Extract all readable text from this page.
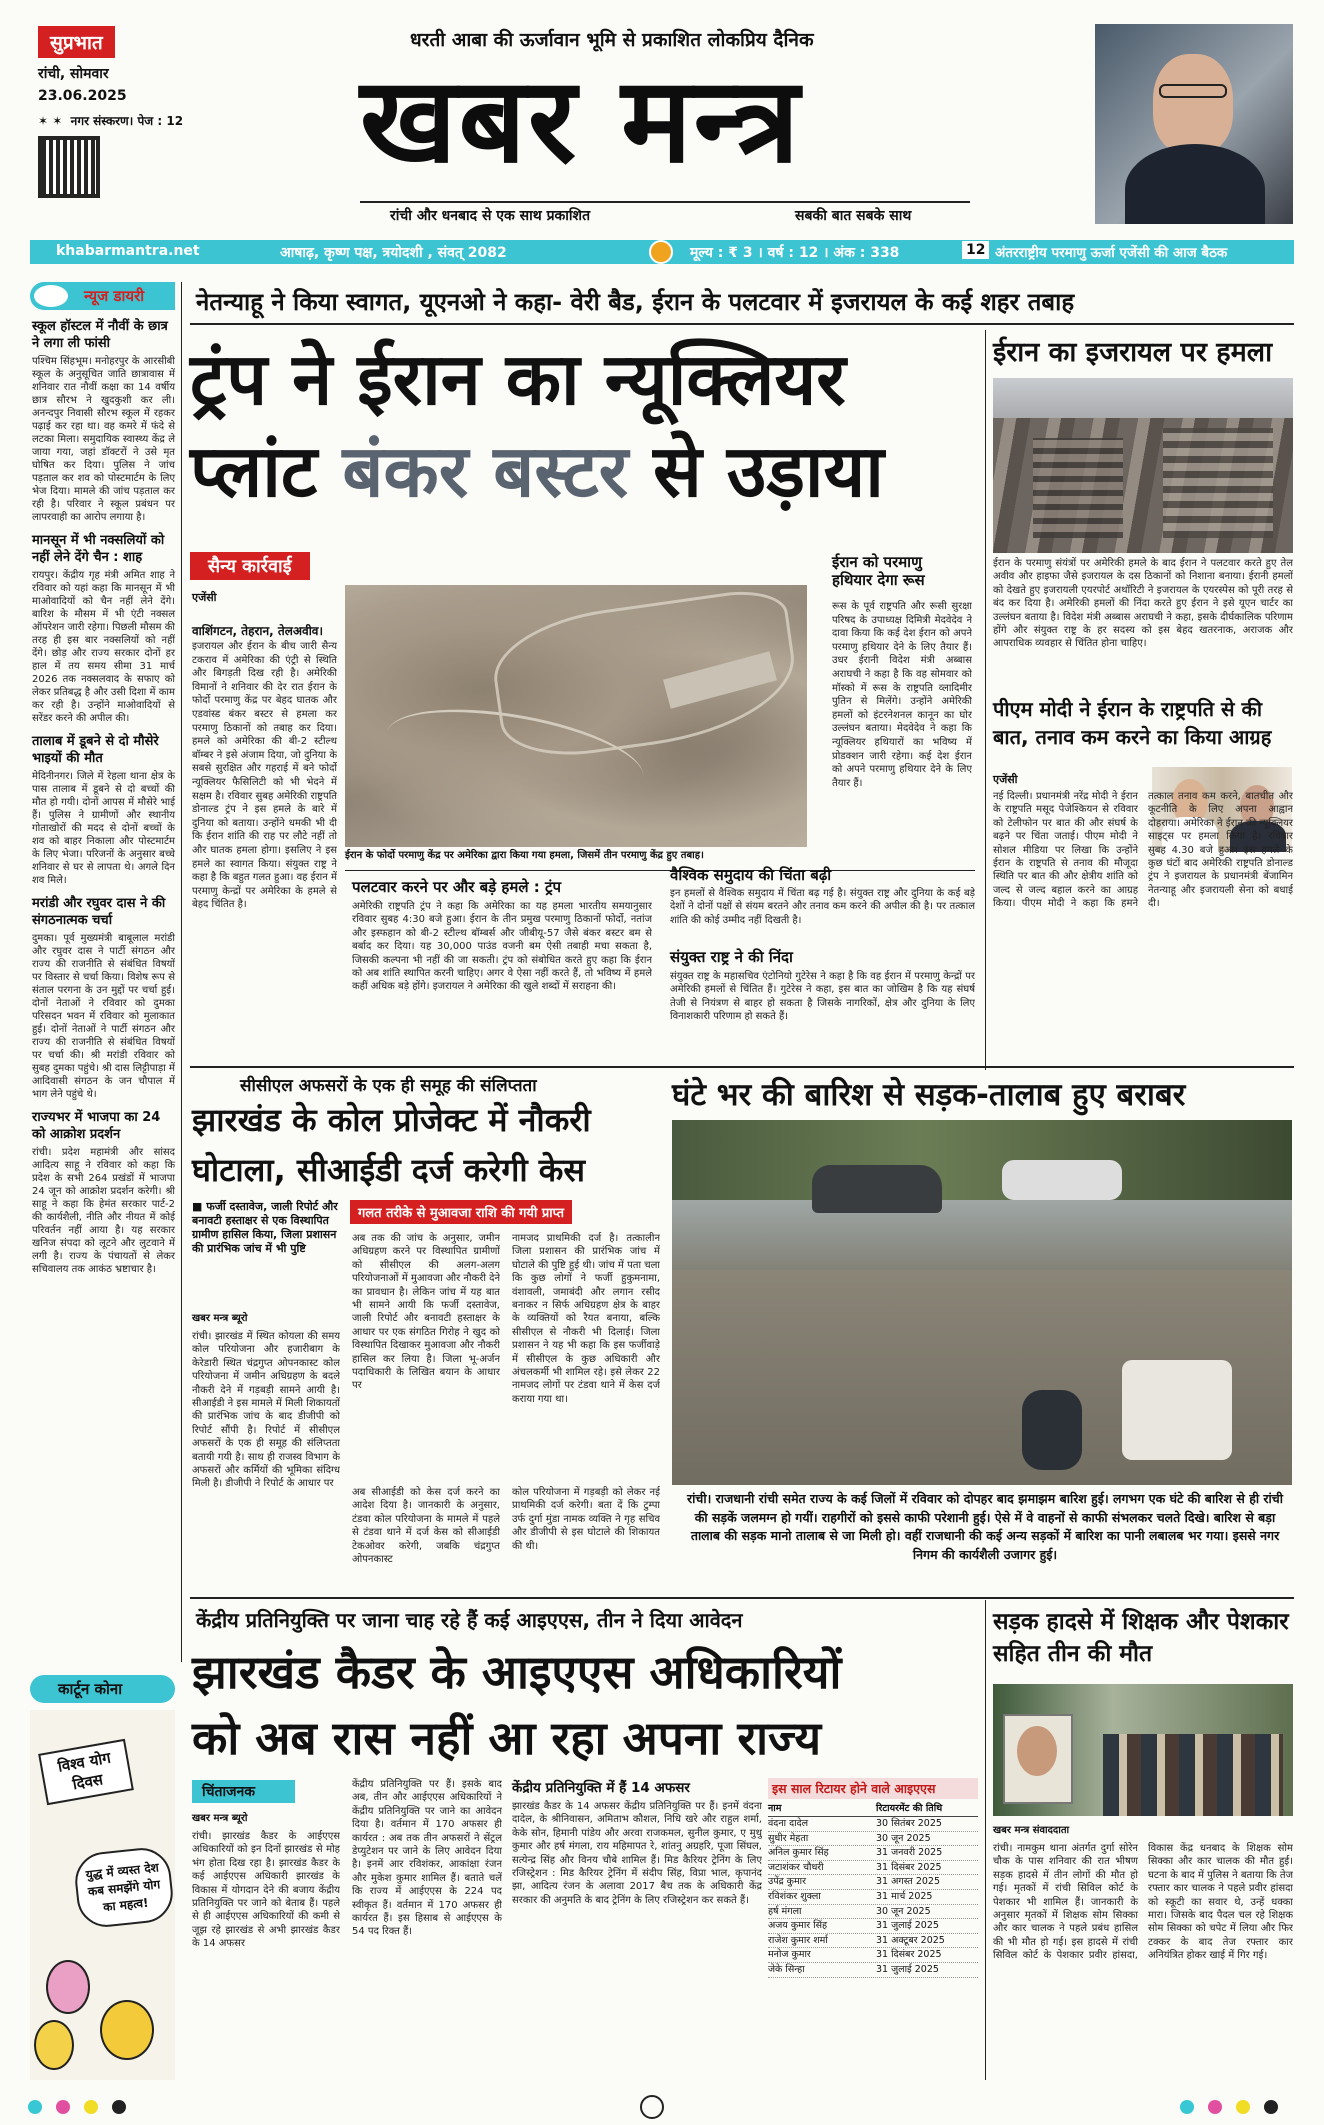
सुप्रभात
रांची, सोमवार
23.06.2025
✶ ✶  नगर संस्करण। पेज : 12
धरती आबा की ऊर्जावान भूमि से प्रकाशित लोकप्रिय दैनिक
खबर मन्त्र
रांची और धनबाद से एक साथ प्रकाशित	सबकी बात सबके साथ
khabarmantra.net	आषाढ़, कृष्ण पक्ष, त्रयोदशी , संवत् 2082	मूल्य : ₹ 3 । वर्ष : 12 । अंक : 338	12 अंतरराष्ट्रीय परमाणु ऊर्जा एजेंसी की आज बैठक
न्यूज डायरी
स्कूल हॉस्टल में नौवीं के छात्र ने लगा ली फांसी
पश्चिम सिंहभूम। मनोहरपुर के आरसीबी स्कूल के अनुसूचित जाति छात्रावास में शनिवार रात नौवीं कक्षा का 14 वर्षीय छात्र सौरभ ने खुदकुशी कर ली। अनन्दपुर निवासी सौरभ स्कूल में रहकर पढ़ाई कर रहा था। वह कमरे में फंदे से लटका मिला। समुदायिक स्वास्थ्य केंद्र ले जाया गया, जहां डॉक्टरों ने उसे मृत घोषित कर दिया। पुलिस ने जांच पड़ताल कर शव को पोस्टमार्टम के लिए भेज दिया। मामले की जांच पड़ताल कर रही है। परिवार ने स्कूल प्रबंधन पर लापरवाही का आरोप लगाया है।
मानसून में भी नक्सलियों को नहीं लेने देंगे चैन : शाह
रायपुर। केंद्रीय गृह मंत्री अमित शाह ने रविवार को यहां कहा कि मानसून में भी माओवादियों को चैन नहीं लेने देंगे। बारिश के मौसम में भी एंटी नक्सल ऑपरेशन जारी रहेगा। पिछली मौसम की तरह ही इस बार नक्सलियों को नहीं देंगे। छोड़ और राज्य सरकार दोनों हर हाल में तय समय सीमा 31 मार्च 2026 तक नक्सलवाद के सफाए को लेकर प्रतिबद्ध है और उसी दिशा में काम कर रही है। उन्होंने माओवादियों से सरेंडर करने की अपील की।
तालाब में डूबने से दो मौसेरे भाइयों की मौत
मेदिनीनगर। जिले में रेहला थाना क्षेत्र के पास तालाब में डूबने से दो बच्चों की मौत हो गयी। दोनों आपस में मौसेरे भाई हैं। पुलिस ने ग्रामीणों और स्थानीय गोताखोरों की मदद से दोनों बच्चों के शव को बाहर निकाला और पोस्टमार्टम के लिए भेजा। परिजनों के अनुसार बच्चे शनिवार से घर से लापता थे। अगले दिन शव मिले।
मरांडी और रघुवर दास ने की संगठनात्मक चर्चा
दुमका। पूर्व मुख्यमंत्री बाबूलाल मरांडी और रघुवर दास ने पार्टी संगठन और राज्य की राजनीति से संबंधित विषयों पर विस्तार से चर्चा किया। विशेष रूप से संताल परगना के उन मुद्दों पर चर्चा हुई। दोनों नेताओं ने रविवार को दुमका परिसदन भवन में रविवार को मुलाकात हुई। दोनों नेताओं ने पार्टी संगठन और राज्य की राजनीति से संबंधित विषयों पर चर्चा की। श्री मरांडी रविवार को सुबह दुमका पहुंचे। श्री दास लिट्टीपाड़ा में आदिवासी संगठन के जन चौपाल में भाग लेने पहुंचे थे।
राज्यभर में भाजपा का 24 को आक्रोश प्रदर्शन
रांची। प्रदेश महामंत्री और सांसद आदित्य साहू ने रविवार को कहा कि प्रदेश के सभी 264 प्रखंडों में भाजपा 24 जून को आक्रोश प्रदर्शन करेगी। श्री साहू ने कहा कि हेमंत सरकार पार्ट-2 की कार्यशैली, नीति और नीयत में कोई परिवर्तन नहीं आया है। यह सरकार खनिज संपदा को लूटने और लुटवाने में लगी है। राज्य के पंचायतों से लेकर सचिवालय तक आकंठ भ्रष्टाचार है।
कार्टून कोना
विश्व योग दिवस
युद्ध में व्यस्त देश कब समझेंगे योग का महत्व!
नेतन्याहू ने किया स्वागत, यूएनओ ने कहा- वेरी बैड, ईरान के पलटवार में इजरायल के कई शहर तबाह
ट्रंप ने ईरान का न्यूक्लियर
प्लांट बंकर बस्टर से उड़ाया
सैन्य कार्रवाई
एजेंसी
वाशिंगटन, तेहरान, तेलअवीव।
इजरायल और ईरान के बीच जारी सैन्य टकराव में अमेरिका की एंट्री से स्थिति और बिगड़ती दिख रही है। अमेरिकी विमानों ने शनिवार की देर रात ईरान के फोर्दो परमाणु केंद्र पर बेहद घातक और एडवांस्ड बंकर बस्टर से हमला कर परमाणु ठिकानों को तबाह कर दिया। हमले को अमेरिका की बी-2 स्टील्थ बॉम्बर ने इसे अंजाम दिया, जो दुनिया के सबसे सुरक्षित और गहराई में बने फोर्दो न्यूक्लियर फैसिलिटी को भी भेदने में सक्षम है। रविवार सुबह अमेरिकी राष्ट्रपति डोनाल्ड ट्रंप ने इस हमले के बारे में दुनिया को बताया। उन्होंने धमकी भी दी कि ईरान शांति की राह पर लौटे नहीं तो और घातक हमला होगा। इसलिए ने इस हमले का स्वागत किया। संयुक्त राष्ट्र ने कहा है कि बहुत गलत हुआ। वह ईरान में परमाणु केन्द्रों पर अमेरिका के हमले से बेहद चिंतित है।
ईरान के फोर्दो परमाणु केंद्र पर अमेरिका द्वारा किया गया हमला, जिसमें तीन परमाणु केंद्र हुए तबाह।
ईरान को परमाणु हथियार देगा रूस
रूस के पूर्व राष्ट्रपति और रूसी सुरक्षा परिषद के उपाध्यक्ष दिमित्री मेदवेदेव ने दावा किया कि कई देश ईरान को अपने परमाणु हथियार देने के लिए तैयार हैं। उधर ईरानी विदेश मंत्री अब्बास अराघची ने कहा है कि वह सोमवार को मॉस्को में रूस के राष्ट्रपति व्लादिमीर पुतिन से मिलेंगे। उन्होंने अमेरिकी हमलों को इंटरनेशनल कानून का घोर उल्लंघन बताया। मेदवेदेव ने कहा कि न्यूक्लियर हथियारों का भविष्य में प्रोडक्शन जारी रहेगा। कई देश ईरान को अपने परमाणु हथियार देने के लिए तैयार हैं।
पलटवार करने पर और बड़े हमले : ट्रंप
अमेरिकी राष्ट्रपति ट्रंप ने कहा कि अमेरिका का यह हमला भारतीय समयानुसार रविवार सुबह 4:30 बजे हुआ। ईरान के तीन प्रमुख परमाणु ठिकानों फोर्दो, नतांज और इस्फहान को बी-2 स्टील्थ बॉम्बर्स और जीबीयू-57 जैसे बंकर बस्टर बम से बर्बाद कर दिया। यह 30,000 पाउंड वजनी बम ऐसी तबाही मचा सकता है, जिसकी कल्पना भी नहीं की जा सकती। ट्रंप को संबोधित करते हुए कहा कि ईरान को अब शांति स्थापित करनी चाहिए। अगर वे ऐसा नहीं करते हैं, तो भविष्य में हमले कहीं अधिक बड़े होंगे। इजरायल ने अमेरिका की खुले शब्दों में सराहना की।
वैश्विक समुदाय की चिंता बढ़ी
इन हमलों से वैश्विक समुदाय में चिंता बढ़ गई है। संयुक्त राष्ट्र और दुनिया के कई बड़े देशों ने दोनों पक्षों से संयम बरतने और तनाव कम करने की अपील की है। पर तत्काल शांति की कोई उम्मीद नहीं दिखती है।
संयुक्त राष्ट्र ने की निंदा
संयुक्त राष्ट्र के महासचिव एंटोनियो गुटेरेस ने कहा है कि वह ईरान में परमाणु केन्द्रों पर अमेरिकी हमलों से चिंतित हैं। गुटेरेस ने कहा, इस बात का जोखिम है कि यह संघर्ष तेजी से नियंत्रण से बाहर हो सकता है जिसके नागरिकों, क्षेत्र और दुनिया के लिए विनाशकारी परिणाम हो सकते हैं।
ईरान का इजरायल पर हमला
ईरान के परमाणु संयंत्रों पर अमेरिकी हमले के बाद ईरान ने पलटवार करते हुए तेल अवीव और हाइफा जैसे इजरायल के दस ठिकानों को निशाना बनाया। ईरानी हमलों को देखते हुए इजरायली एयरपोर्ट अथॉरिटी ने इजरायल के एयरस्पेस को पूरी तरह से बंद कर दिया है। अमेरिकी हमलों की निंदा करते हुए ईरान ने इसे यूएन चार्टर का उल्लंघन बताया है। विदेश मंत्री अब्बास अराघची ने कहा, इसके दीर्घकालिक परिणाम होंगे और संयुक्त राष्ट्र के हर सदस्य को इस बेहद खतरनाक, अराजक और आपराधिक व्यवहार से चिंतित होना चाहिए।
पीएम मोदी ने ईरान के राष्ट्रपति से की बात, तनाव कम करने का किया आग्रह
एजेंसी
नई दिल्ली। प्रधानमंत्री नरेंद्र मोदी ने ईरान के राष्ट्रपति मसूद पेजेश्कियन से रविवार को टेलीफोन पर बात की और संघर्ष के बढ़ने पर चिंता जताई। पीएम मोदी ने सोशल मीडिया पर लिखा कि उन्होंने ईरान के राष्ट्रपति से तनाव की मौजूदा स्थिति पर बात की और क्षेत्रीय शांति को जल्द से जल्द बहाल करने का आग्रह किया। पीएम मोदी ने कहा कि हमने तत्काल तनाव कम करने, बातचीत और कूटनीति के लिए अपना आह्वान दोहराया। अमेरिका ने ईरान की न्यूक्लियर साइट्स पर हमला किया है। रविवार सुबह 4.30 बजे हुआ। इस हमले के कुछ घंटों बाद अमेरिकी राष्ट्रपति डोनाल्ड ट्रंप ने इजरायल के प्रधानमंत्री बेंजामिन नेतन्याहू और इजरायली सेना को बधाई दी।
सीसीएल अफसरों के एक ही समूह की संलिप्तता
झारखंड के कोल प्रोजेक्ट में नौकरी
घोटाला, सीआईडी दर्ज करेगी केस
■ फर्जी दस्तावेज, जाली रिपोर्ट और बनावटी हस्ताक्षर से एक विस्थापित ग्रामीण हासिल किया, जिला प्रशासन की प्रारंभिक जांच में भी पुष्टि
खबर मन्त्र ब्यूरो
रांची। झारखंड में स्थित कोयला की समय कोल परियोजना और हजारीबाग के केरेडारी स्थित चंद्रगुप्त ओपनकास्ट कोल परियोजना में जमीन अधिग्रहण के बदले नौकरी देने में गड़बड़ी सामने आयी है। सीआईडी ने इस मामले में मिली शिकायतों की प्रारंभिक जांच के बाद डीजीपी को रिपोर्ट सौंपी है। रिपोर्ट में सीसीएल अफसरों के एक ही समूह की संलिप्तता बतायी गयी है। साथ ही राजस्व विभाग के अफसरों और कर्मियों की भूमिका संदिग्ध मिली है। डीजीपी ने रिपोर्ट के आधार पर
गलत तरीके से मुआवजा राशि की गयी प्राप्त
अब तक की जांच के अनुसार, जमीन अधिग्रहण करने पर विस्थापित ग्रामीणों को सीसीएल की अलग-अलग परियोजनाओं में मुआवजा और नौकरी देने का प्रावधान है। लेकिन जांच में यह बात भी सामने आयी कि फर्जी दस्तावेज, जाली रिपोर्ट और बनावटी हस्ताक्षर के आधार पर एक संगठित गिरोह ने खुद को विस्थापित दिखाकर मुआवजा और नौकरी हासिल कर लिया है। जिला भू-अर्जन पदाधिकारी के लिखित बयान के आधार पर
अब सीआईडी को केस दर्ज करने का आदेश दिया है। जानकारी के अनुसार, टंडवा कोल परियोजना के मामले में पहले से टंडवा थाने में दर्ज केस को सीआईडी टेकओवर करेगी, जबकि चंद्रगुप्त ओपनकास्ट
नामजद प्राथमिकी दर्ज है। तत्कालीन जिला प्रशासन की प्रारंभिक जांच में घोटाले की पुष्टि हुई थी। जांच में पता चला कि कुछ लोगों ने फर्जी हुकुमनामा, वंशावली, जमाबंदी और लगान रसीद बनाकर न सिर्फ अधिग्रहण क्षेत्र के बाहर के व्यक्तियों को रैयत बनाया, बल्कि सीसीएल से नौकरी भी दिलाई। जिला प्रशासन ने यह भी कहा कि इस फर्जीवाड़े में सीसीएल के कुछ अधिकारी और अंचलकर्मी भी शामिल रहे। इसे लेकर 22 नामजद लोगों पर टंडवा थाने में केस दर्ज कराया गया था।
कोल परियोजना में गड़बड़ी को लेकर नई प्राथमिकी दर्ज करेगी। बता दें कि टुम्पा उर्फ दुर्गा मुंडा नामक व्यक्ति ने गृह सचिव और डीजीपी से इस घोटाले की शिकायत की थी।
घंटे भर की बारिश से सड़क-तालाब हुए बराबर
रांची। राजधानी रांची समेत राज्य के कई जिलों में रविवार को दोपहर बाद झमाझम बारिश हुई। लगभग एक घंटे की बारिश से ही रांची की सड़कें जलमग्न हो गयीं। राहगीरों को इससे काफी परेशानी हुई। ऐसे में वे वाहनों से काफी संभलकर चलते दिखे। बारिश से बड़ा तालाब की सड़क मानो तालाब से जा मिली हो। वहीं राजधानी की कई अन्य सड़कों में बारिश का पानी लबालब भर गया। इससे नगर निगम की कार्यशैली उजागर हुई।
केंद्रीय प्रतिनियुक्ति पर जाना चाह रहे हैं कई आइएएस, तीन ने दिया आवेदन
झारखंड कैडर के आइएएस अधिकारियों
को अब रास नहीं आ रहा अपना राज्य
चिंताजनक
खबर मन्त्र ब्यूरो
रांची। झारखंड कैडर के आईएएस अधिकारियों को इन दिनों झारखंड से मोह भंग होता दिख रहा है। झारखंड कैडर के कई आईएएस अधिकारी झारखंड के विकास में योगदान देने की बजाय केंद्रीय प्रतिनियुक्ति पर जाने को बेताब हैं। पहले से ही आईएएस अधिकारियों की कमी से जूझ रहे झारखंड से अभी झारखंड कैडर के 14 अफसर
केंद्रीय प्रतिनियुक्ति पर हैं। इसके बाद अब, तीन और आईएएस अधिकारियों ने केंद्रीय प्रतिनियुक्ति पर जाने का आवेदन दिया है। वर्तमान में 170 अफसर ही कार्यरत : अब तक तीन अफसरों ने सेंट्रल डेप्युटेशन पर जाने के लिए आवेदन दिया है। इनमें आर रविशंकर, आकांक्षा रंजन और मुकेश कुमार शामिल हैं। बताते चलें कि राज्य में आईएएस के 224 पद स्वीकृत हैं। वर्तमान में 170 अफसर ही कार्यरत हैं। इस हिसाब से आईएएस के 54 पद रिक्त हैं।
केंद्रीय प्रतिनियुक्ति में हैं 14 अफसर
झारखंड कैडर के 14 अफसर केंद्रीय प्रतिनियुक्ति पर हैं। इनमें वंदना दादेल, के श्रीनिवासन, अमिताभ कौशल, निधि खरे और राहुल शर्मा, केके सोन, हिमानी पांडेय और अरवा राजकमल, सुनील कुमार, ए मुथु कुमार और हर्ष मंगला, राय महिमापत रे, शांतनु अग्रहरि, पूजा सिंघल, सत्येन्द्र सिंह और विनय चौबे शामिल हैं। मिड कैरियर ट्रेनिंग के लिए रजिस्ट्रेशन : मिड कैरियर ट्रेनिंग में संदीप सिंह, विप्रा भाल, कृपानंद झा, आदित्य रंजन के अलावा 2017 बैच तक के अधिकारी केंद्र सरकार की अनुमति के बाद ट्रेनिंग के लिए रजिस्ट्रेशन कर सकते हैं।
इस साल रिटायर होने वाले आइएएस
नाम	रिटायरमेंट की तिथि
वंदना दादेल	30 सितंबर 2025
सुधीर मेहता	30 जून 2025
अनिल कुमार सिंह	31 जनवरी 2025
जटाशंकर चौधरी	31 दिसंबर 2025
उपेंद्र कुमार	31 अगस्त 2025
रविशंकर शुक्ला	31 मार्च 2025
हर्ष मंगला	30 जून 2025
अजय कुमार सिंह	31 जुलाई 2025
राजेश कुमार शर्मा	31 अक्टूबर 2025
मनोज कुमार	31 दिसंबर 2025
जेके सिन्हा	31 जुलाई 2025
सड़क हादसे में शिक्षक और पेशकार सहित तीन की मौत
खबर मन्त्र संवाददाता
रांची। नामकुम थाना अंतर्गत दुर्गा सोरेन चौक के पास शनिवार की रात भीषण सड़क हादसे में तीन लोगों की मौत हो गई। मृतकों में रांची सिविल कोर्ट के पेशकार भी शामिल हैं। जानकारी के अनुसार मृतकों में शिक्षक सोम सिक्का और कार चालक ने पहले प्रबंध हासिल की भी मौत हो गई। इस हादसे में रांची सिविल कोर्ट के पेशकार प्रवीर हांसदा, विकास केंद्र धनबाद के शिक्षक सोम सिक्का और कार चालक की मौत हुई। घटना के बाद में पुलिस ने बताया कि तेज रफ्तार कार चालक ने पहले प्रवीर हांसदा को स्कूटी का सवार थे, उन्हें धक्का मारा। जिसके बाद पैदल चल रहे शिक्षक सोम सिक्का को चपेट में लिया और फिर टक्कर के बाद तेज रफ्तार कार अनियंत्रित होकर खाई में गिर गई।
